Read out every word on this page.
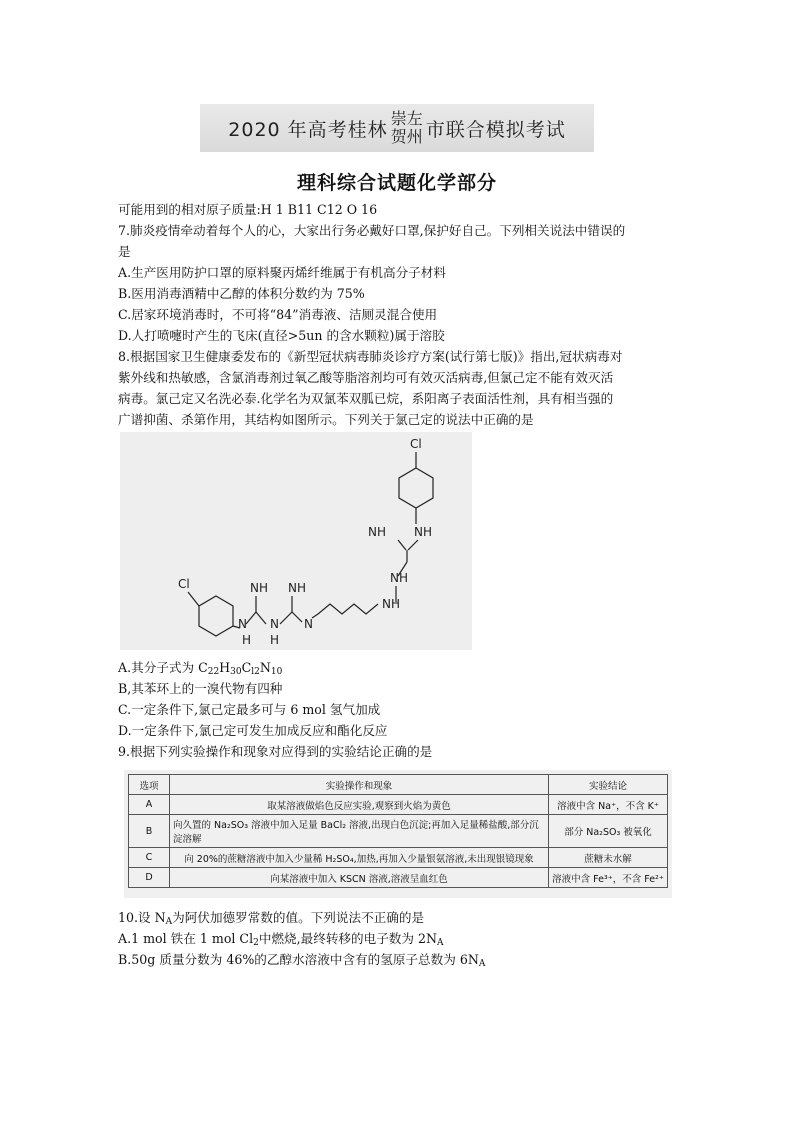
2020 年高考桂林 崇左
贺州 市联合模拟考试
理科综合试题化学部分
可能用到的相对原子质量:H 1 B11 C12 O 16
7.肺炎疫情牵动着每个人的心，大家出行务必戴好口罩,保护好自己。下列相关说法中错误的
是
A.生产医用防护口罩的原料聚丙烯纤维属于有机高分子材料
B.医用消毒酒精中乙醇的体积分数约为 75%
C.居家环境消毒时，不可将“84”消毒液、洁厕灵混合使用
D.人打喷嚏时产生的飞床(直径>5un 的含水颗粒)属于溶胶
8.根据国家卫生健康委发布的《新型冠状病毒肺炎诊疗方案(试行第七版)》指出,冠状病毒对
紫外线和热敏感，含氯消毒剂过氧乙酸等脂溶剂均可有效灭活病毒,但氯己定不能有效灭活
病毒。氯己定又名洗必泰.化学名为双氯苯双胍已烷，系阳离子表面活性剂，具有相当强的
广谱抑菌、杀第作用，其结构如图所示。下列关于氯己定的说法中正确的是
Cl
NH NH
NH
NH
NH
NH
N
N
N
H
H
Cl
A.其分子式为 $C_{22}H_{30}C_{l2}N_{10}$
B,其苯环上的一溴代物有四种
C.一定条件下,氯己定最多可与 6 mol 氢气加成
D.一定条件下,氯己定可发生加成反应和酯化反应
9.根据下列实验操作和现象对应得到的实验结论正确的是
选项	实验操作和现象	实验结论
A	取某溶液做焰色反应实验,观察到火焰为黄色	溶液中含 Na⁺，不含 K⁺
B	向久置的 Na₂SO₃ 溶液中加入足量 BaCl₂ 溶液,出现白色沉淀;再加入足量稀盐酸,部分沉淀溶解	部分 Na₂SO₃ 被氧化
C	向 20%的蔗糖溶液中加入少量稀 H₂SO₄,加热,再加入少量银氨溶液,未出现银镜现象	蔗糖未水解
D	向某溶液中加入 KSCN 溶液,溶液呈血红色	溶液中含 Fe³⁺，不含 Fe²⁺
10.设 $N_A$为阿伏加德罗常数的值。下列说法不正确的是
A.1 mol 铁在 1 mol $Cl_2$中燃烧,最终转移的电子数为 $2N_A$
B.50g 质量分数为 46%的乙醇水溶液中含有的氢原子总数为 $6N_A$
